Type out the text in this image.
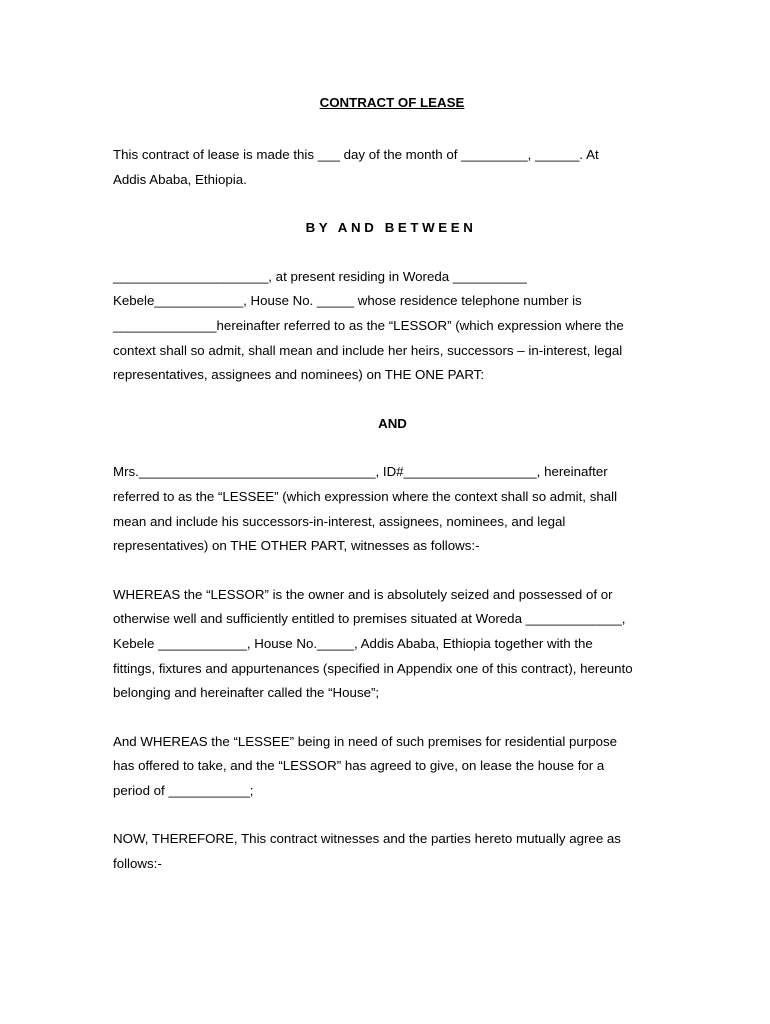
CONTRACT OF LEASE

This contract of lease is made this ___ day of the month of _________, ______. At
Addis Ababa, Ethiopia.

BY AND BETWEEN

_____________________, at present residing in Woreda __________
Kebele____________, House No. _____ whose residence telephone number is
______________hereinafter referred to as the “LESSOR” (which expression where the
context shall so admit, shall mean and include her heirs, successors – in-interest, legal
representatives, assignees and nominees) on THE ONE PART:

AND

Mrs.________________________________, ID#__________________, hereinafter
referred to as the “LESSEE” (which expression where the context shall so admit, shall
mean and include his successors-in-interest, assignees, nominees, and legal
representatives) on THE OTHER PART, witnesses as follows:-

WHEREAS the “LESSOR” is the owner and is absolutely seized and possessed of or
otherwise well and sufficiently entitled to premises situated at Woreda _____________,
Kebele ____________, House No._____, Addis Ababa, Ethiopia together with the
fittings, fixtures and appurtenances (specified in Appendix one of this contract), hereunto
belonging and hereinafter called the “House”;

And WHEREAS the “LESSEE” being in need of such premises for residential purpose
has offered to take, and the “LESSOR” has agreed to give, on lease the house for a
period of ___________;

NOW, THEREFORE, This contract witnesses and the parties hereto mutually agree as
follows:-
